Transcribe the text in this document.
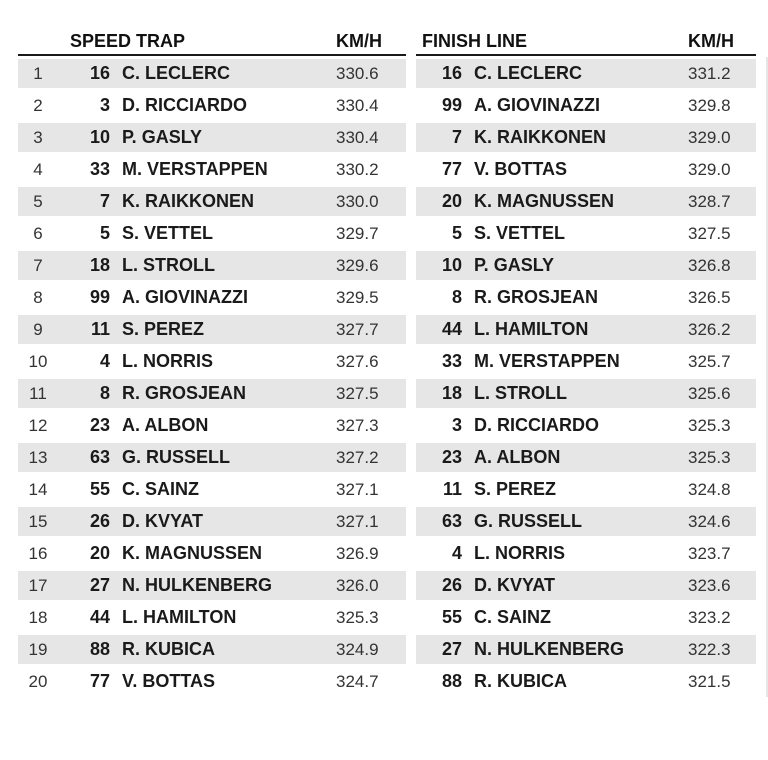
SPEED TRAP	KM/H FINISH LINE	KM/H
1	16 C. LECLERC	330.6	16 C. LECLERC	331.2
2	3 D. RICCIARDO	330.4	99 A. GIOVINAZZI	329.8
3	10 P. GASLY	330.4	7 K. RAIKKONEN	329.0
4	33 M. VERSTAPPEN	330.2	77 V. BOTTAS	329.0
5	7 K. RAIKKONEN	330.0	20 K. MAGNUSSEN	328.7
6	5 S. VETTEL	329.7	5 S. VETTEL	327.5
7	18 L. STROLL	329.6	10 P. GASLY	326.8
8	99 A. GIOVINAZZI	329.5	8 R. GROSJEAN	326.5
9	11 S. PEREZ	327.7	44 L. HAMILTON	326.2
10	4 L. NORRIS	327.6	33 M. VERSTAPPEN	325.7
11	8 R. GROSJEAN	327.5	18 L. STROLL	325.6
12	23 A. ALBON	327.3	3 D. RICCIARDO	325.3
13	63 G. RUSSELL	327.2	23 A. ALBON	325.3
14	55 C. SAINZ	327.1	11 S. PEREZ	324.8
15	26 D. KVYAT	327.1	63 G. RUSSELL	324.6
16	20 K. MAGNUSSEN	326.9	4 L. NORRIS	323.7
17	27 N. HULKENBERG	326.0	26 D. KVYAT	323.6
18	44 L. HAMILTON	325.3	55 C. SAINZ	323.2
19	88 R. KUBICA	324.9	27 N. HULKENBERG	322.3
20	77 V. BOTTAS	324.7	88 R. KUBICA	321.5
